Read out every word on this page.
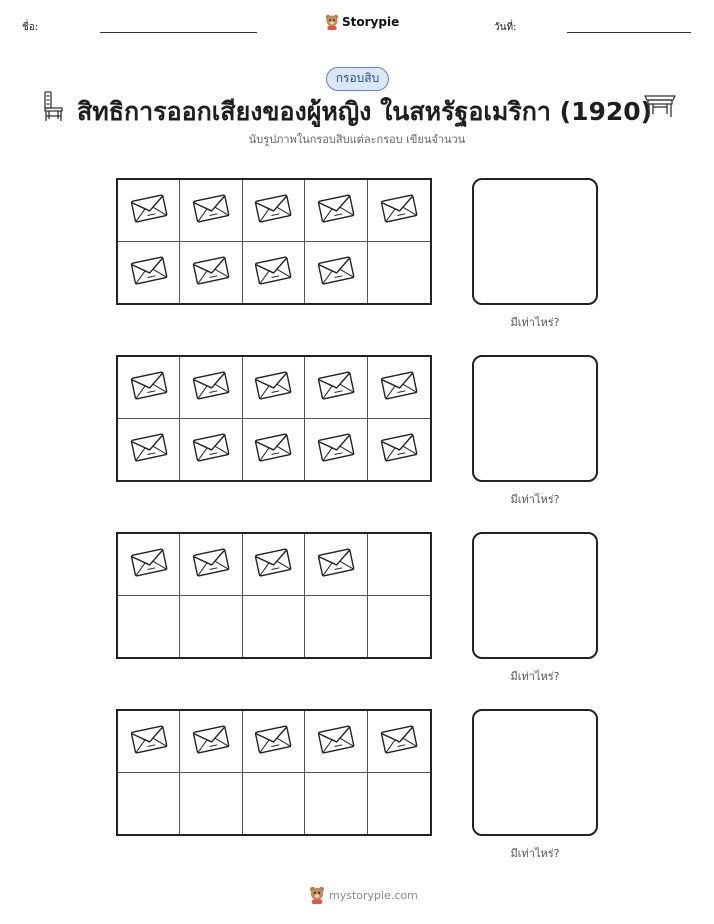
ชื่อ:	Storypie	วันที่:
กรอบสิบ
สิทธิการออกเสียงของผู้หญิง ในสหรัฐอเมริกา (1920)
นับรูปภาพในกรอบสิบแต่ละกรอบ เขียนจำนวน
มีเท่าไหร่?
มีเท่าไหร่?
มีเท่าไหร่?
มีเท่าไหร่?
mystorypie.com
